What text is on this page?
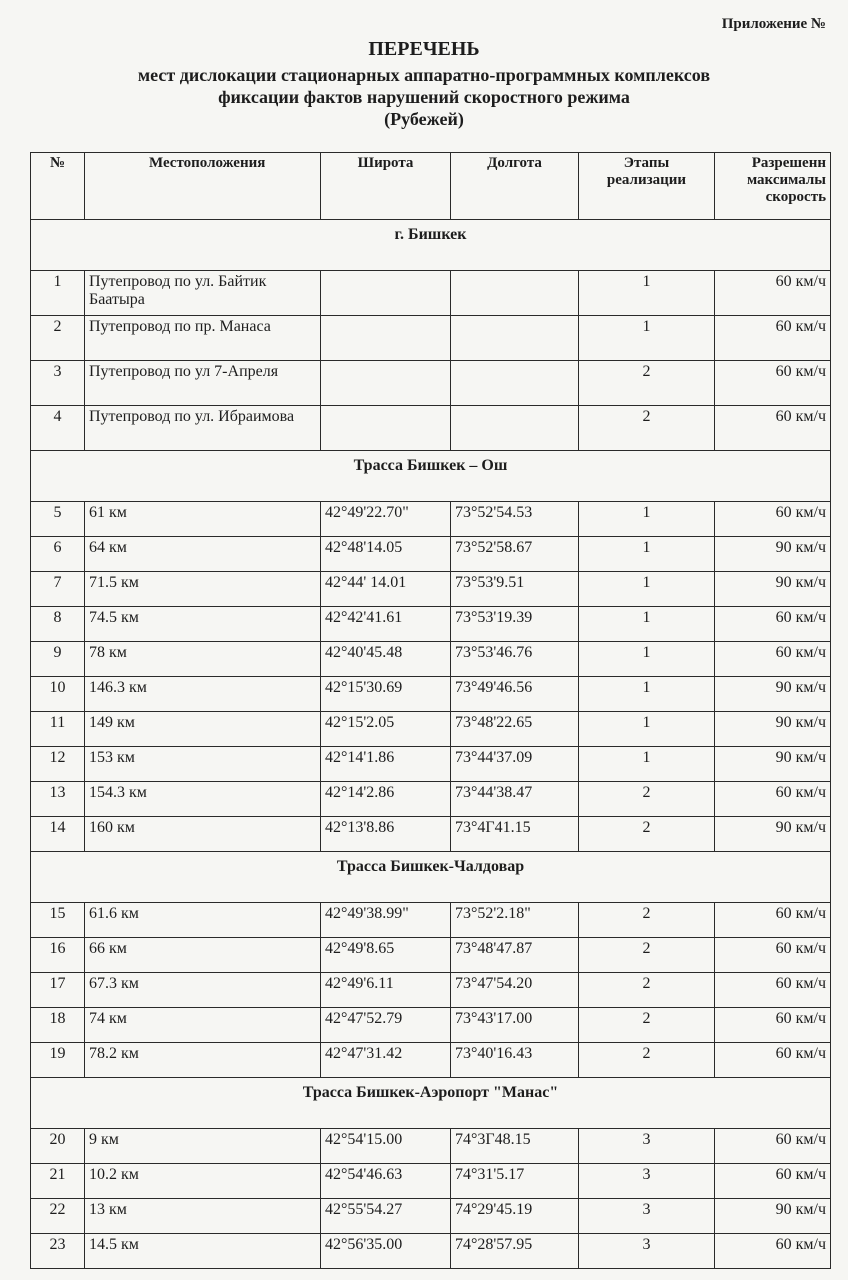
Приложение №
ПЕРЕЧЕНЬ
мест дислокации стационарных аппаратно-программных комплексов
фиксации фактов нарушений скоростного режима
(Рубежей)
№	Местоположения	Широта	Долгота	Этапы реализации	Разрешенн максималы скорость
г. Бишкек					
1	Путепровод по ул. Байтик Баатыра			1	60 км/ч
2	Путепровод по пр. Манаса			1	60 км/ч
3	Путепровод по ул 7-Апреля			2	60 км/ч
4	Путепровод по ул. Ибраимова			2	60 км/ч
Трасса Бишкек – Ош					
5	61 км	42°49'22.70"	73°52'54.53	1	60 км/ч
6	64 км	42°48'14.05	73°52'58.67	1	90 км/ч
7	71.5 км	42°44' 14.01	73°53'9.51	1	90 км/ч
8	74.5 км	42°42'41.61	73°53'19.39	1	60 км/ч
9	78 км	42°40'45.48	73°53'46.76	1	60 км/ч
10	146.3 км	42°15'30.69	73°49'46.56	1	90 км/ч
11	149 км	42°15'2.05	73°48'22.65	1	90 км/ч
12	153 км	42°14'1.86	73°44'37.09	1	90 км/ч
13	154.3 км	42°14'2.86	73°44'38.47	2	60 км/ч
14	160 км	42°13'8.86	73°4Г41.15	2	90 км/ч
Трасса Бишкек-Чалдовар					
15	61.6 км	42°49'38.99"	73°52'2.18"	2	60 км/ч
16	66 км	42°49'8.65	73°48'47.87	2	60 км/ч
17	67.3 км	42°49'6.11	73°47'54.20	2	60 км/ч
18	74 км	42°47'52.79	73°43'17.00	2	60 км/ч
19	78.2 км	42°47'31.42	73°40'16.43	2	60 км/ч
Трасса Бишкек-Аэропорт "Манас"					
20	9 км	42°54'15.00	74°3Г48.15	3	60 км/ч
21	10.2 км	42°54'46.63	74°31'5.17	3	60 км/ч
22	13 км	42°55'54.27	74°29'45.19	3	90 км/ч
23	14.5 км	42°56'35.00	74°28'57.95	3	60 км/ч
